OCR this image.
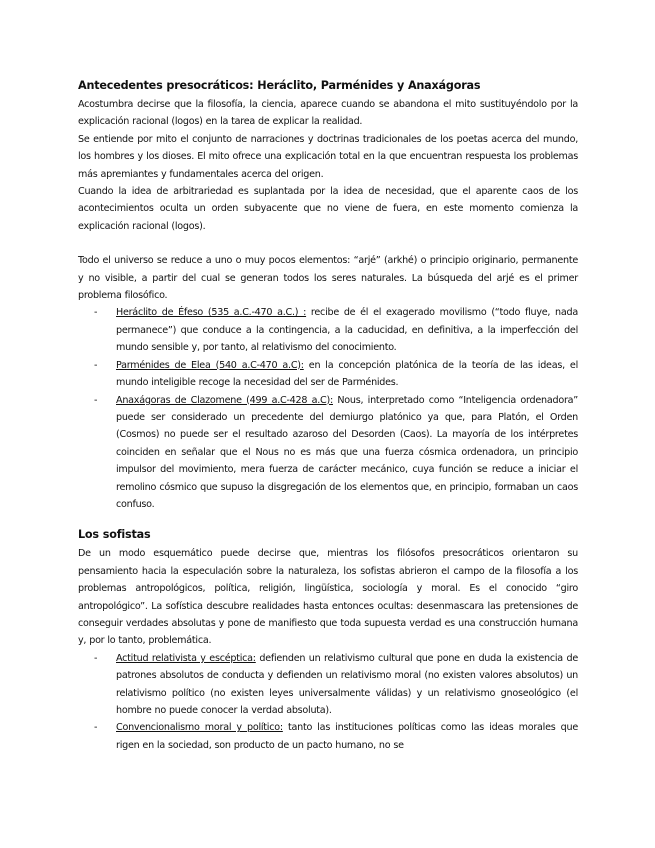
Antecedentes presocráticos: Heráclito, Parménides y Anaxágoras

Acostumbra decirse que la filosofía, la ciencia, aparece cuando se abandona el mito sustituyéndolo por la explicación racional (logos) en la tarea de explicar la realidad.

Se entiende por mito el conjunto de narraciones y doctrinas tradicionales de los poetas acerca del mundo, los hombres y los dioses. El mito ofrece una explicación total en la que encuentran respuesta los problemas más apremiantes y fundamentales acerca del origen.

Cuando la idea de arbitrariedad es suplantada por la idea de necesidad, que el aparente caos de los acontecimientos oculta un orden subyacente que no viene de fuera, en este momento comienza la explicación racional (logos).

Todo el universo se reduce a uno o muy pocos elementos: “arjé” (arkhé) o principio originario, permanente y no visible, a partir del cual se generan todos los seres naturales. La búsqueda del arjé es el primer problema filosófico.

- Heráclito de Éfeso (535 a.C.-470 a.C.) : recibe de él el exagerado movilismo (“todo fluye, nada permanece”) que conduce a la contingencia, a la caducidad, en definitiva, a la imperfección del mundo sensible y, por tanto, al relativismo del conocimiento.
- Parménides de Elea (540 a.C-470 a.C): en la concepción platónica de la teoría de las ideas, el mundo inteligible recoge la necesidad del ser de Parménides.
- Anaxágoras de Clazomene (499 a.C-428 a.C): Nous, interpretado como “Inteligencia ordenadora” puede ser considerado un precedente del demiurgo platónico ya que, para Platón, el Orden (Cosmos) no puede ser el resultado azaroso del Desorden (Caos). La mayoría de los intérpretes coinciden en señalar que el Nous no es más que una fuerza cósmica ordenadora, un principio impulsor del movimiento, mera fuerza de carácter mecánico, cuya función se reduce a iniciar el remolino cósmico que supuso la disgregación de los elementos que, en principio, formaban un caos confuso.
Los sofistas

De un modo esquemático puede decirse que, mientras los filósofos presocráticos orientaron su pensamiento hacia la especulación sobre la naturaleza, los sofistas abrieron el campo de la filosofía a los problemas antropológicos, política, religión, lingüística, sociología y moral. Es el conocido “giro antropológico”. La sofística descubre realidades hasta entonces ocultas: desenmascara las pretensiones de conseguir verdades absolutas y pone de manifiesto que toda supuesta verdad es una construcción humana y, por lo tanto, problemática.

- Actitud relativista y escéptica: defienden un relativismo cultural que pone en duda la existencia de patrones absolutos de conducta y defienden un relativismo moral (no existen valores absolutos) un relativismo político (no existen leyes universalmente válidas) y un relativismo gnoseológico (el hombre no puede conocer la verdad absoluta).
- Convencionalismo moral y político: tanto las instituciones políticas como las ideas morales que rigen en la sociedad, son producto de un pacto humano, no se
